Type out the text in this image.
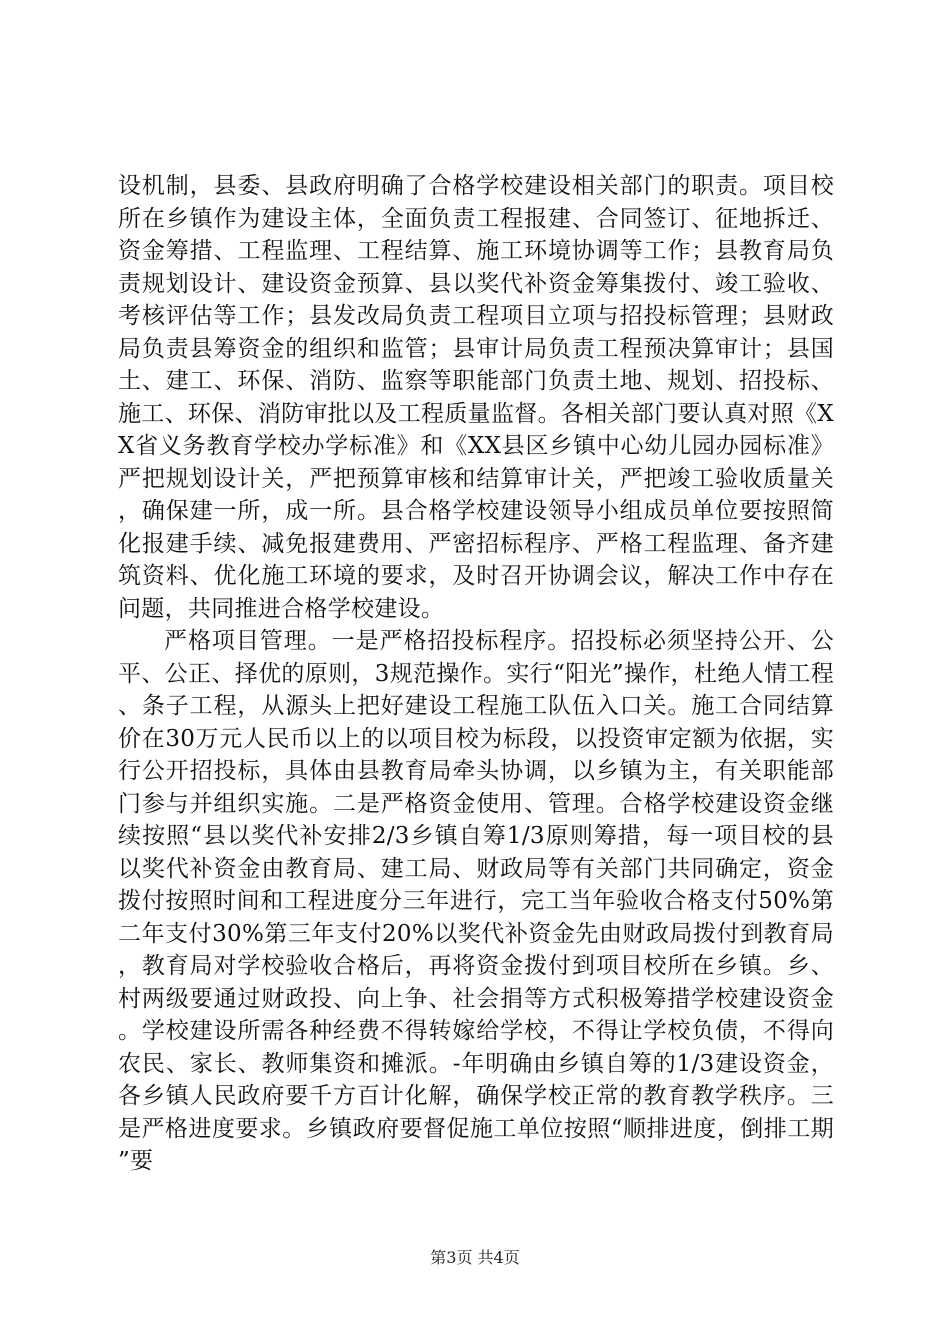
设机制，县委、县政府明确了合格学校建设相关部门的职责。项目校所在乡镇作为建设主体，全面负责工程报建、合同签订、征地拆迁、资金筹措、工程监理、工程结算、施工环境协调等工作；县教育局负责规划设计、建设资金预算、县以奖代补资金筹集拨付、竣工验收、考核评估等工作；县发改局负责工程项目立项与招投标管理；县财政局负责县筹资金的组织和监管；县审计局负责工程预决算审计；县国土、建工、环保、消防、监察等职能部门负责土地、规划、招投标、施工、环保、消防审批以及工程质量监督。各相关部门要认真对照《XX省义务教育学校办学标准》和《XX县区乡镇中心幼儿园办园标准》严把规划设计关，严把预算审核和结算审计关，严把竣工验收质量关，确保建一所，成一所。县合格学校建设领导小组成员单位要按照简化报建手续、减免报建费用、严密招标程序、严格工程监理、备齐建筑资料、优化施工环境的要求，及时召开协调会议，解决工作中存在问题，共同推进合格学校建设。

严格项目管理。一是严格招投标程序。招投标必须坚持公开、公平、公正、择优的原则，3规范操作。实行“阳光”操作，杜绝人情工程、条子工程，从源头上把好建设工程施工队伍入口关。施工合同结算价在30万元人民币以上的以项目校为标段，以投资审定额为依据，实行公开招投标，具体由县教育局牵头协调，以乡镇为主，有关职能部门参与并组织实施。二是严格资金使用、管理。合格学校建设资金继续按照“县以奖代补安排2/3乡镇自筹1/3原则筹措，每一项目校的县以奖代补资金由教育局、建工局、财政局等有关部门共同确定，资金拨付按照时间和工程进度分三年进行，完工当年验收合格支付50%第二年支付30%第三年支付20%以奖代补资金先由财政局拨付到教育局，教育局对学校验收合格后，再将资金拨付到项目校所在乡镇。乡、村两级要通过财政投、向上争、社会捐等方式积极筹措学校建设资金。学校建设所需各种经费不得转嫁给学校，不得让学校负债，不得向农民、家长、教师集资和摊派。-年明确由乡镇自筹的1/3建设资金，各乡镇人民政府要千方百计化解，确保学校正常的教育教学秩序。三是严格进度要求。乡镇政府要督促施工单位按照“顺排进度，倒排工期”要

第3页 共4页
